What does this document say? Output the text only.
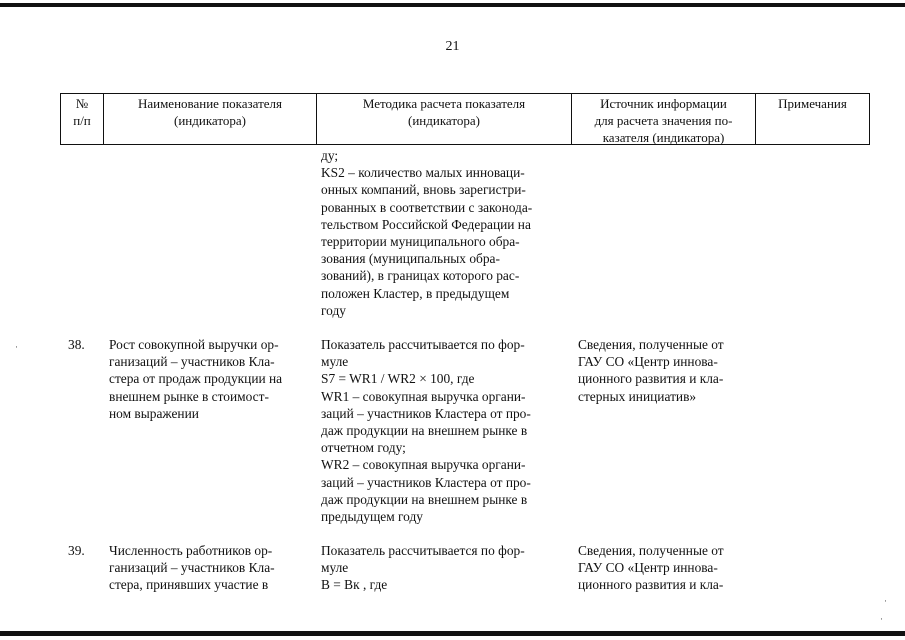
21
№
п/п
Наименование показателя
(индикатора)
Методика расчета показателя
(индикатора)
Источник информации
для расчета значения по-
казателя (индикатора)
Примечания
ду;
KS2 – количество малых инноваци-
онных компаний, вновь зарегистри-
рованных в соответствии с законода-
тельством Российской Федерации на
территории муниципального обра-
зования (муниципальных обра-
зований), в границах которого рас-
положен Кластер, в предыдущем
году
38. Рост совокупной выручки ор-
ганизаций – участников Кла-
стера от продаж продукции на
внешнем рынке в стоимост-
ном выражении
Показатель рассчитывается по фор-
муле
S7 = WR1 / WR2 × 100, где
WR1 – совокупная выручка органи-
заций – участников Кластера от про-
даж продукции на внешнем рынке в
отчетном году;
WR2 – совокупная выручка органи-
заций – участников Кластера от про-
даж продукции на внешнем рынке в
предыдущем году
Сведения, полученные от
ГАУ СО «Центр иннова-
ционного развития и кла-
стерных инициатив»
39. Численность работников ор-
ганизаций – участников Кла-
стера, принявших участие в
Показатель рассчитывается по фор-
муле
B = Bк , где
Сведения, полученные от
ГАУ СО «Центр иннова-
ционного развития и кла-
·
·
·
